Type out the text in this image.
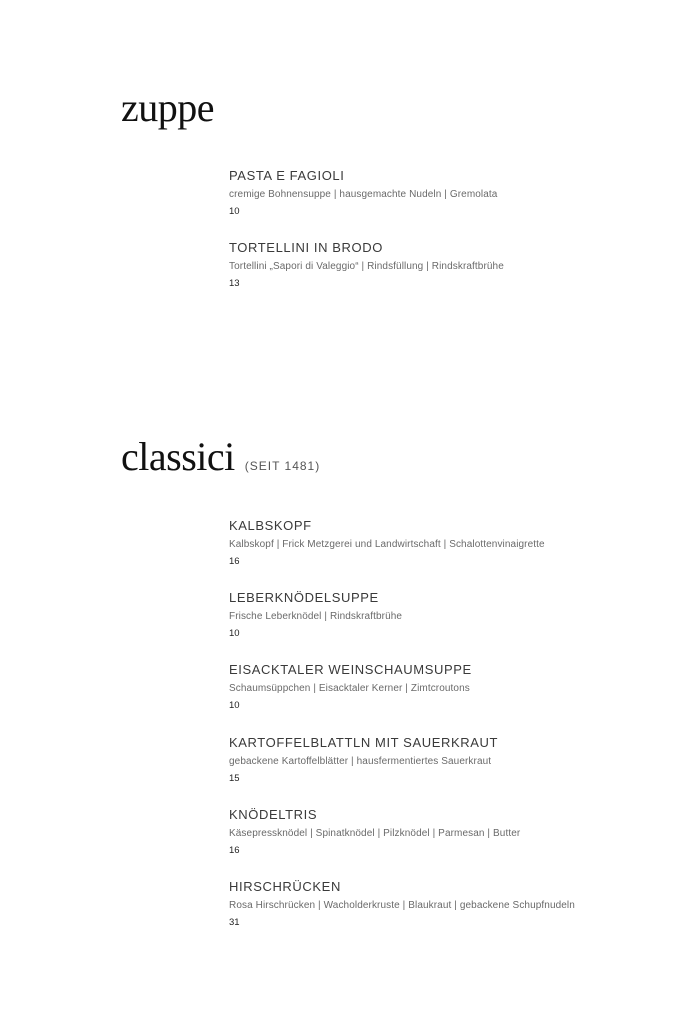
zuppe
PASTA E FAGIOLI
cremige Bohnensuppe | hausgemachte Nudeln | Gremolata
10
TORTELLINI IN BRODO
Tortellini „Sapori di Valeggio“ | Rindsfüllung | Rindskraftbrühe
13
classici (SEIT 1481)
KALBSKOPF
Kalbskopf | Frick Metzgerei und Landwirtschaft | Schalottenvinaigrette
16
LEBERKNÖDELSUPPE
Frische Leberknödel | Rindskraftbrühe
10
EISACKTALER WEINSCHAUMSUPPE
Schaumsüppchen | Eisacktaler Kerner | Zimtcroutons
10
KARTOFFELBLATTLN MIT SAUERKRAUT
gebackene Kartoffelblätter | hausfermentiertes Sauerkraut
15
KNÖDELTRIS
Käsepressknödel | Spinatknödel | Pilzknödel | Parmesan | Butter
16
HIRSCHRÜCKEN
Rosa Hirschrücken | Wacholderkruste | Blaukraut | gebackene Schupfnudeln
31
